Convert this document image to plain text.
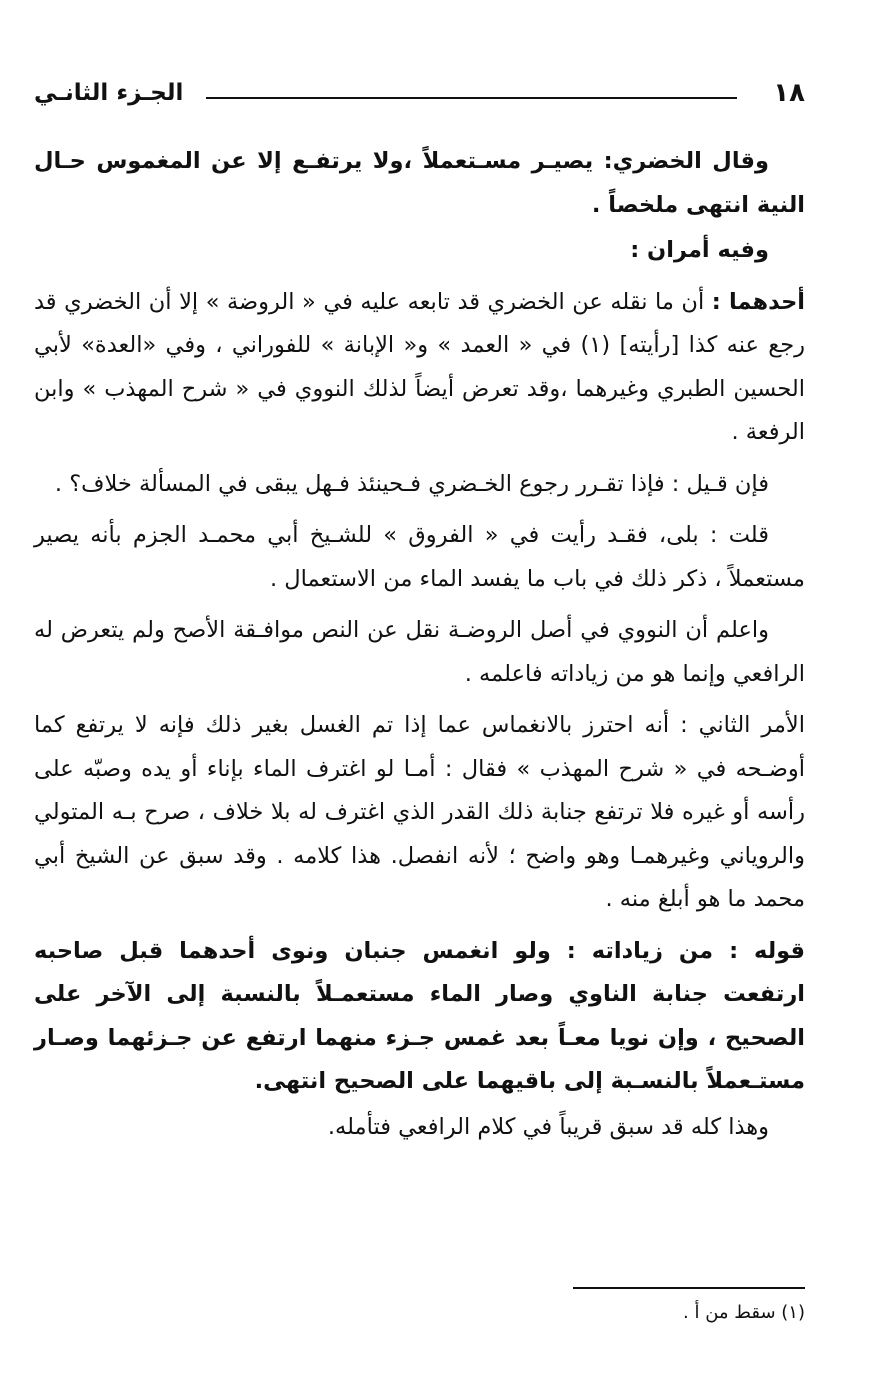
١٨
الجـزء الثانـي

وقال الخضري: يصيـر مسـتعملاً ،ولا يرتفـع إلا عن المغموس حـال النية انتهى ملخصاً .

وفيه أمران :

أحدهما : أن ما نقله عن الخضري قد تابعه عليه في « الروضة » إلا أن الخضري قد رجع عنه كذا [رأيته] (١) في « العمد » و« الإبانة » للفوراني ، وفي «العدة» لأبي الحسين الطبري وغيرهما ،وقد تعرض أيضاً لذلك النووي في « شرح المهذب » وابن الرفعة .

فإن قـيل : فإذا تقـرر رجوع الخـضري فـحينئذ فـهل يبقى في المسألة خلاف؟ .

قلت : بلى، فقـد رأيت في « الفروق » للشـيخ أبي محمـد الجزم بأنه يصير مستعملاً ، ذكر ذلك في باب ما يفسد الماء من الاستعمال .

واعلم أن النووي في أصل الروضـة نقل عن النص موافـقة الأصح ولم يتعرض له الرافعي وإنما هو من زياداته فاعلمه .

الأمر الثاني : أنه احترز بالانغماس عما إذا تم الغسل بغير ذلك فإنه لا يرتفع كما أوضـحه في « شرح المهذب » فقال : أمـا لو اغترف الماء بإناء أو يده وصبّه على رأسه أو غيره فلا ترتفع جنابة ذلك القدر الذي اغترف له بلا خلاف ، صرح بـه المتولي والروياني وغيرهمـا وهو واضح ؛ لأنه انفصل. هذا كلامه . وقد سبق عن الشيخ أبي محمد ما هو أبلغ منه .

قوله : من زياداته : ولو انغمس جنبان ونوى أحدهما قبل صاحبه ارتفعت جنابة الناوي وصار الماء مستعمـلاً بالنسبة إلى الآخر على الصحيح ، وإن نويا معـاً بعد غمس جـزء منهما ارتفع عن جـزئهما وصـار مستـعملاً بالنسـبة إلى باقيهما على الصحيح انتهى.

وهذا كله قد سبق قريباً في كلام الرافعي فتأمله.

(١) سقط من أ .
